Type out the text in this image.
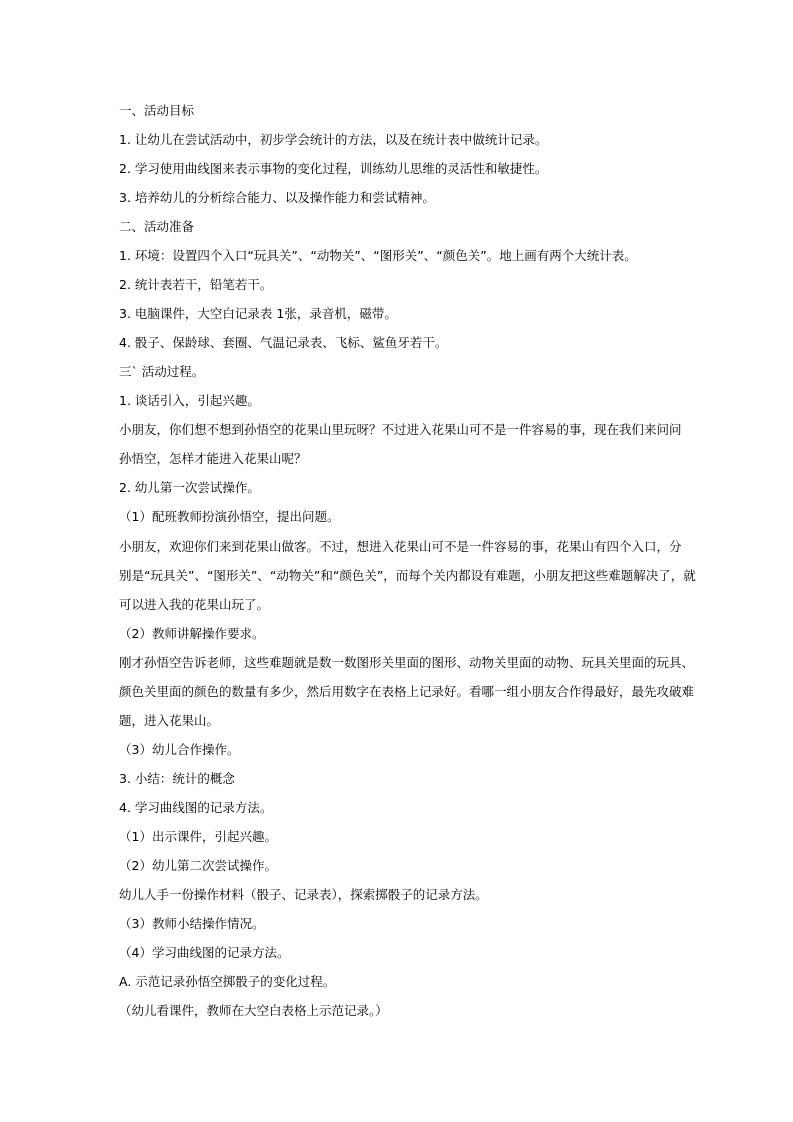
一、活动目标
1. 让幼儿在尝试活动中，初步学会统计的方法，以及在统计表中做统计记录。
2. 学习使用曲线图来表示事物的变化过程，训练幼儿思维的灵活性和敏捷性。
3. 培养幼儿的分析综合能力、以及操作能力和尝试精神。
二、活动准备
1. 环境：设置四个入口“玩具关”、“动物关”、“图形关”、“颜色关”。地上画有两个大统计表。
2. 统计表若干，铅笔若干。
3. 电脑课件，大空白记录表 1张，录音机，磁带。
4. 骰子、保龄球、套圈、气温记录表、飞标、鲨鱼牙若干。
三` 活动过程。
1. 谈话引入，引起兴趣。
小朋友，你们想不想到孙悟空的花果山里玩呀？不过进入花果山可不是一件容易的事，现在我们来问问
孙悟空，怎样才能进入花果山呢？
2. 幼儿第一次尝试操作。
（1）配班教师扮演孙悟空，提出问题。
小朋友，欢迎你们来到花果山做客。不过，想进入花果山可不是一件容易的事，花果山有四个入口，分
别是“玩具关”、“图形关”、“动物关”和“颜色关”，而每个关内都设有难题，小朋友把这些难题解决了，就
可以进入我的花果山玩了。
（2）教师讲解操作要求。
刚才孙悟空告诉老师，这些难题就是数一数图形关里面的图形、动物关里面的动物、玩具关里面的玩具、
颜色关里面的颜色的数量有多少，然后用数字在表格上记录好。看哪一组小朋友合作得最好，最先攻破难
题，进入花果山。
（3）幼儿合作操作。
3. 小结：统计的概念
4. 学习曲线图的记录方法。
（1）出示课件，引起兴趣。
（2）幼儿第二次尝试操作。
幼儿人手一份操作材料（骰子、记录表），探索掷骰子的记录方法。
（3）教师小结操作情况。
（4）学习曲线图的记录方法。
A. 示范记录孙悟空掷骰子的变化过程。
（幼儿看课件，教师在大空白表格上示范记录。）
